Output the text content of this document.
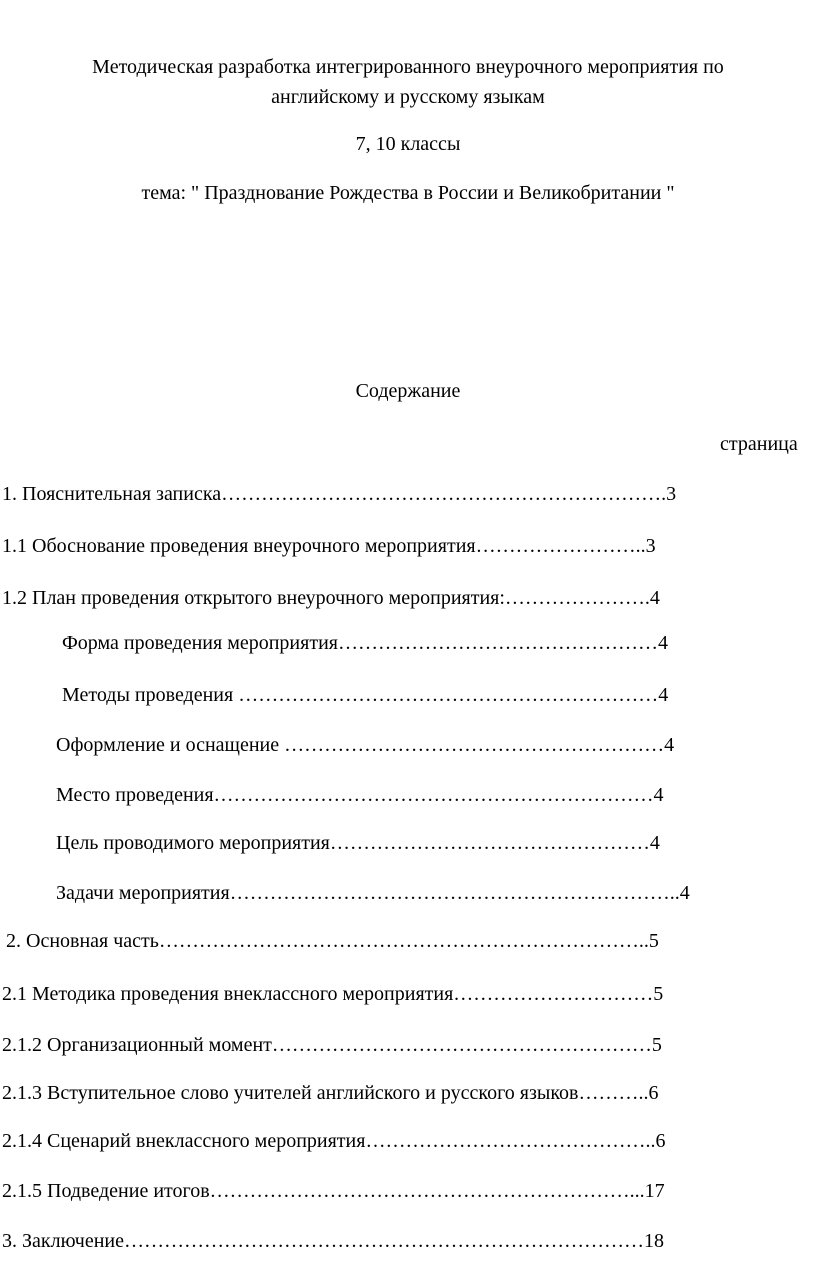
Методическая разработка интегрированного внеурочного мероприятия по
английскому и русскому языкам
7, 10 классы
тема: " Празднование Рождества в России и Великобритании "
Содержание
страница
1. Пояснительная записка………………………………………………………….3
1.1 Обоснование проведения внеурочного мероприятия……………………..3
1.2 План проведения открытого внеурочного мероприятия:………………….4
Форма проведения мероприятия…………………………………………4
Методы проведения ………………………………………………………4
Оформление и оснащение …………………………………………………4
Место проведения…………………………………………………………4
Цель проводимого мероприятия…………………………………………4
Задачи мероприятия…………………………………………………………..4
2. Основная часть………………………………………………………………..5
2.1 Методика проведения внеклассного мероприятия…………………………5
2.1.2 Организационный момент…………………………………………………5
2.1.3 Вступительное слово учителей английского и русского языков………..6
2.1.4 Сценарий внеклассного мероприятия……………………………………..6
2.1.5 Подведение итогов………………………………………………………...17
3. Заключение……………………………………………………………………18
